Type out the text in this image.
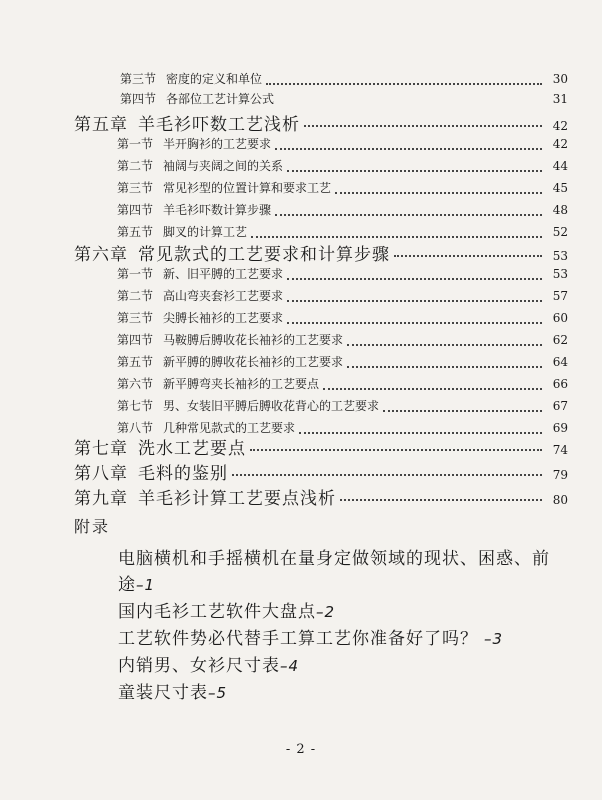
第三节 密度的定义和单位	30
第四节 各部位工艺计算公式	31
第五章 羊毛衫吓数工艺浅析	42
第一节 半开胸衫的工艺要求	42
第二节 袖阔与夹阔之间的关系	44
第三节 常见衫型的位置计算和要求工艺	45
第四节 羊毛衫吓数计算步骤	48
第五节 脚叉的计算工艺	52
第六章 常见款式的工艺要求和计算步骤	53
第一节 新、旧平膊的工艺要求	53
第二节 高山弯夹套衫工艺要求	57
第三节 尖膊长袖衫的工艺要求	60
第四节 马鞍膊后膊收花长袖衫的工艺要求	62
第五节 新平膊的膊收花长袖衫的工艺要求	64
第六节 新平膊弯夹长袖衫的工艺要点	66
第七节 男、女装旧平膊后膊收花背心的工艺要求	67
第八节 几种常见款式的工艺要求	69
第七章 洗水工艺要点	74
第八章 毛料的鉴别	79
第九章 羊毛衫计算工艺要点浅析	80
附录
电脑横机和手摇横机在量身定做领域的现状、困惑、前
途–1
国内毛衫工艺软件大盘点–2
工艺软件势必代替手工算工艺你准备好了吗？ –3
内销男、女衫尺寸表–4
童装尺寸表–5
- 2 -
